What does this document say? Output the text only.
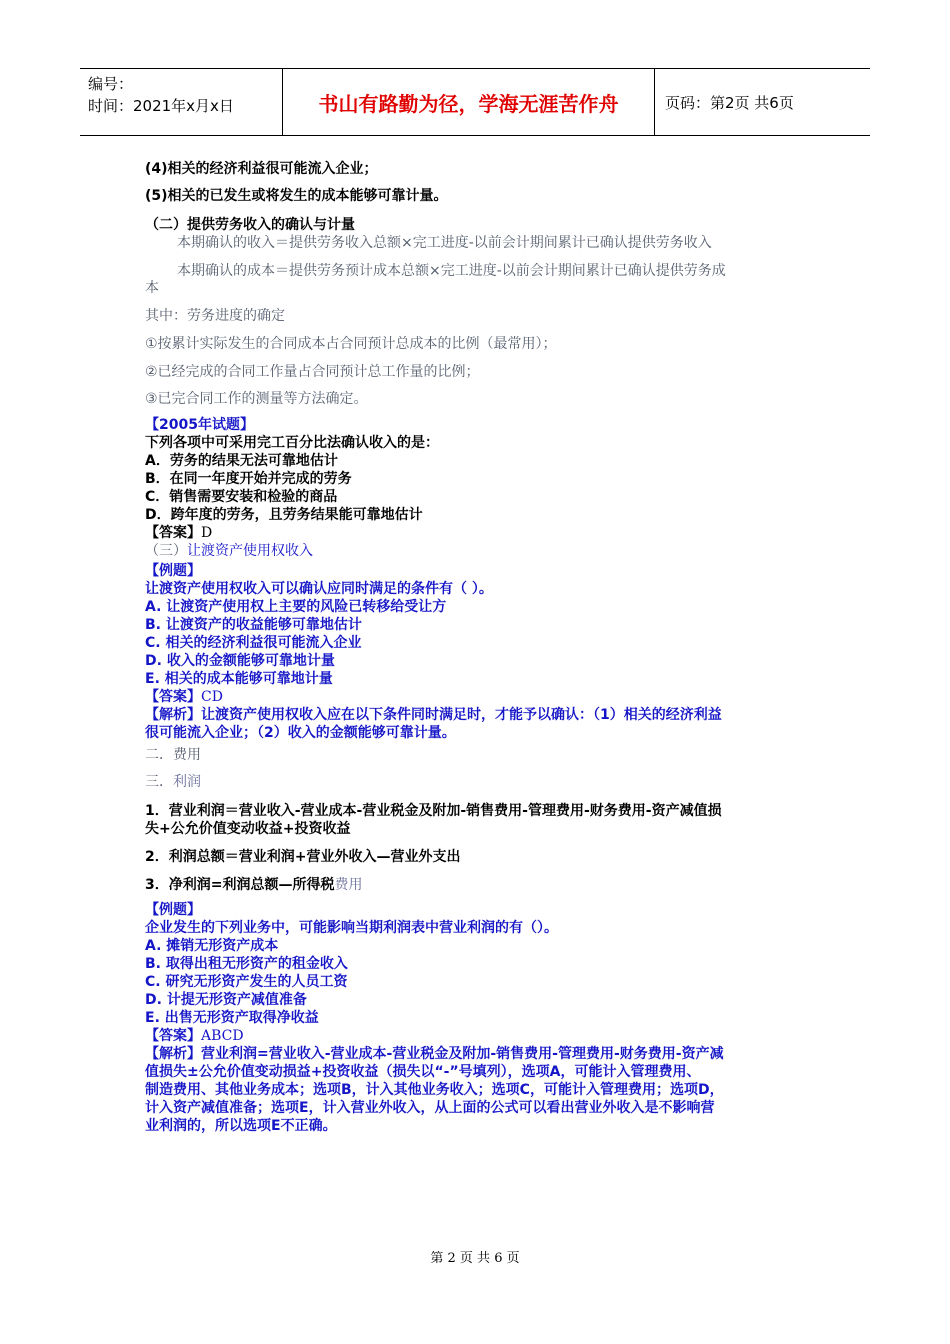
编号：
时间：2021年x月x日	书山有路勤为径，学海无涯苦作舟	页码：第2页 共6页
(4)相关的经济利益很可能流入企业；
(5)相关的已发生或将发生的成本能够可靠计量。
（二）提供劳务收入的确认与计量
本期确认的收入＝提供劳务收入总额×完工进度-以前会计期间累计已确认提供劳务收入
本期确认的成本＝提供劳务预计成本总额×完工进度-以前会计期间累计已确认提供劳务成
本
其中：劳务进度的确定
①按累计实际发生的合同成本占合同预计总成本的比例（最常用）；
②已经完成的合同工作量占合同预计总工作量的比例；
③已完合同工作的测量等方法确定。
【2005年试题】
下列各项中可采用完工百分比法确认收入的是：
A．劳务的结果无法可靠地估计
B．在同一年度开始并完成的劳务
C．销售需要安装和检验的商品
D．跨年度的劳务，且劳务结果能可靠地估计
【答案】D
（三）让渡资产使用权收入
【例题】
让渡资产使用权收入可以确认应同时满足的条件有（ ）。
A. 让渡资产使用权上主要的风险已转移给受让方
B. 让渡资产的收益能够可靠地估计
C. 相关的经济利益很可能流入企业
D. 收入的金额能够可靠地计量
E. 相关的成本能够可靠地计量
【答案】CD
【解析】让渡资产使用权收入应在以下条件同时满足时，才能予以确认：（1）相关的经济利益
很可能流入企业；（2）收入的金额能够可靠计量。
二．费用
三．利润
1．营业利润＝营业收入-营业成本-营业税金及附加-销售费用-管理费用-财务费用-资产减值损
失+公允价值变动收益+投资收益
2．利润总额＝营业利润+营业外收入—营业外支出
3．净利润=利润总额—所得税费用
【例题】
企业发生的下列业务中，可能影响当期利润表中营业利润的有（）。
A. 摊销无形资产成本
B. 取得出租无形资产的租金收入
C. 研究无形资产发生的人员工资
D. 计提无形资产减值准备
E. 出售无形资产取得净收益
【答案】ABCD
【解析】营业利润=营业收入-营业成本-营业税金及附加-销售费用-管理费用-财务费用-资产减
值损失±公允价值变动损益+投资收益（损失以“-”号填列），选项A，可能计入管理费用、
制造费用、其他业务成本；选项B，计入其他业务收入；选项C，可能计入管理费用；选项D，
计入资产减值准备；选项E，计入营业外收入，从上面的公式可以看出营业外收入是不影响营
业利润的，所以选项E不正确。
第 2 页 共 6 页
